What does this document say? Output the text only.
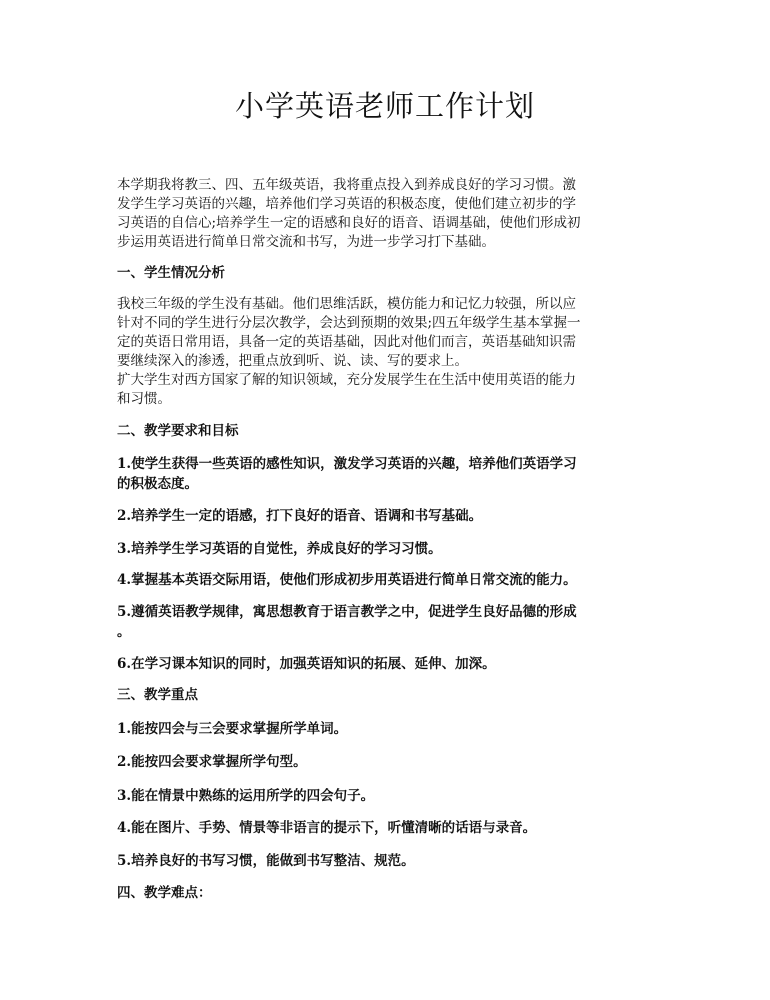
小学英语老师工作计划

本学期我将教三、四、五年级英语，我将重点投入到养成良好的学习习惯。激
发学生学习英语的兴趣，培养他们学习英语的积极态度，使他们建立初步的学
习英语的自信心;培养学生一定的语感和良好的语音、语调基础，使他们形成初
步运用英语进行简单日常交流和书写，为进一步学习打下基础。

一、学生情况分析

我校三年级的学生没有基础。他们思维活跃，模仿能力和记忆力较强，所以应
针对不同的学生进行分层次教学，会达到预期的效果;四五年级学生基本掌握一
定的英语日常用语，具备一定的英语基础，因此对他们而言，英语基础知识需
要继续深入的渗透，把重点放到听、说、读、写的要求上。
扩大学生对西方国家了解的知识领域，充分发展学生在生活中使用英语的能力
和习惯。

二、教学要求和目标

1.使学生获得一些英语的感性知识，激发学习英语的兴趣，培养他们英语学习
的积极态度。

2.培养学生一定的语感，打下良好的语音、语调和书写基础。

3.培养学生学习英语的自觉性，养成良好的学习习惯。

4.掌握基本英语交际用语，使他们形成初步用英语进行简单日常交流的能力。

5.遵循英语教学规律，寓思想教育于语言教学之中，促进学生良好品德的形成
。

6.在学习课本知识的同时，加强英语知识的拓展、延伸、加深。

三、教学重点

1.能按四会与三会要求掌握所学单词。

2.能按四会要求掌握所学句型。

3.能在情景中熟练的运用所学的四会句子。

4.能在图片、手势、情景等非语言的提示下，听懂清晰的话语与录音。

5.培养良好的书写习惯，能做到书写整洁、规范。

四、教学难点：
